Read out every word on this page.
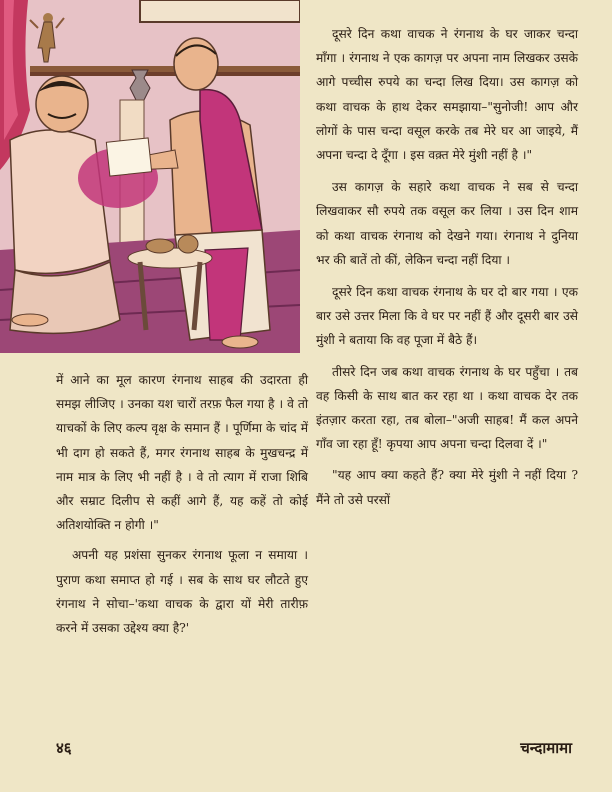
दूसरे दिन कथा वाचक ने रंगनाथ के घर जाकर चन्दा माँगा । रंगनाथ ने एक कागज़ पर अपना नाम लिखकर उसके आगे पच्चीस रुपये का चन्दा लिख दिया। उस कागज़ को कथा वाचक के हाथ देकर समझाया–"सुनोजी! आप और लोगों के पास चन्दा वसूल करके तब मेरे घर आ जाइये, मैं अपना चन्दा दे दूँगा । इस वक़्त मेरे मुंशी नहीं है ।"

उस कागज़ के सहारे कथा वाचक ने सब से चन्दा लिखवाकर सौ रुपये तक वसूल कर लिया । उस दिन शाम को कथा वाचक रंगनाथ को देखने गया। रंगनाथ ने दुनिया भर की बातें तो कीं, लेकिन चन्दा नहीं दिया ।

दूसरे दिन कथा वाचक रंगनाथ के घर दो बार गया । एक बार उसे उत्तर मिला कि वे घर पर नहीं हैं और दूसरी बार उसे मुंशी ने बताया कि वह पूजा में बैठे हैं।

तीसरे दिन जब कथा वाचक रंगनाथ के घर पहुँचा । तब वह किसी के साथ बात कर रहा था । कथा वाचक देर तक इंतज़ार करता रहा, तब बोला–"अजी साहब! मैं कल अपने गाँव जा रहा हूँ! कृपया आप अपना चन्दा दिलवा दें ।"

"यह आप क्या कहते हैं? क्या मेरे मुंशी ने नहीं दिया ? मैंने तो उसे परसों

में आने का मूल कारण रंगनाथ साहब की उदारता ही समझ लीजिए । उनका यश चारों तरफ़ फैल गया है । वे तो याचकों के लिए कल्प वृक्ष के समान हैं । पूर्णिमा के चांद में भी दाग हो सकते हैं, मगर रंगनाथ साहब के मुखचन्द्र में नाम मात्र के लिए भी नहीं है । वे तो त्याग में राजा शिबि और सम्राट दिलीप से कहीं आगे हैं, यह कहें तो कोई अतिशयोक्ति न होगी ।"

अपनी यह प्रशंसा सुनकर रंगनाथ फूला न समाया । पुराण कथा समाप्त हो गई । सब के साथ घर लौटते हुए रंगनाथ ने सोचा–'कथा वाचक के द्वारा यों मेरी तारीफ़ करने में उसका उद्देश्य क्या है?'

४६	चन्दामामा
